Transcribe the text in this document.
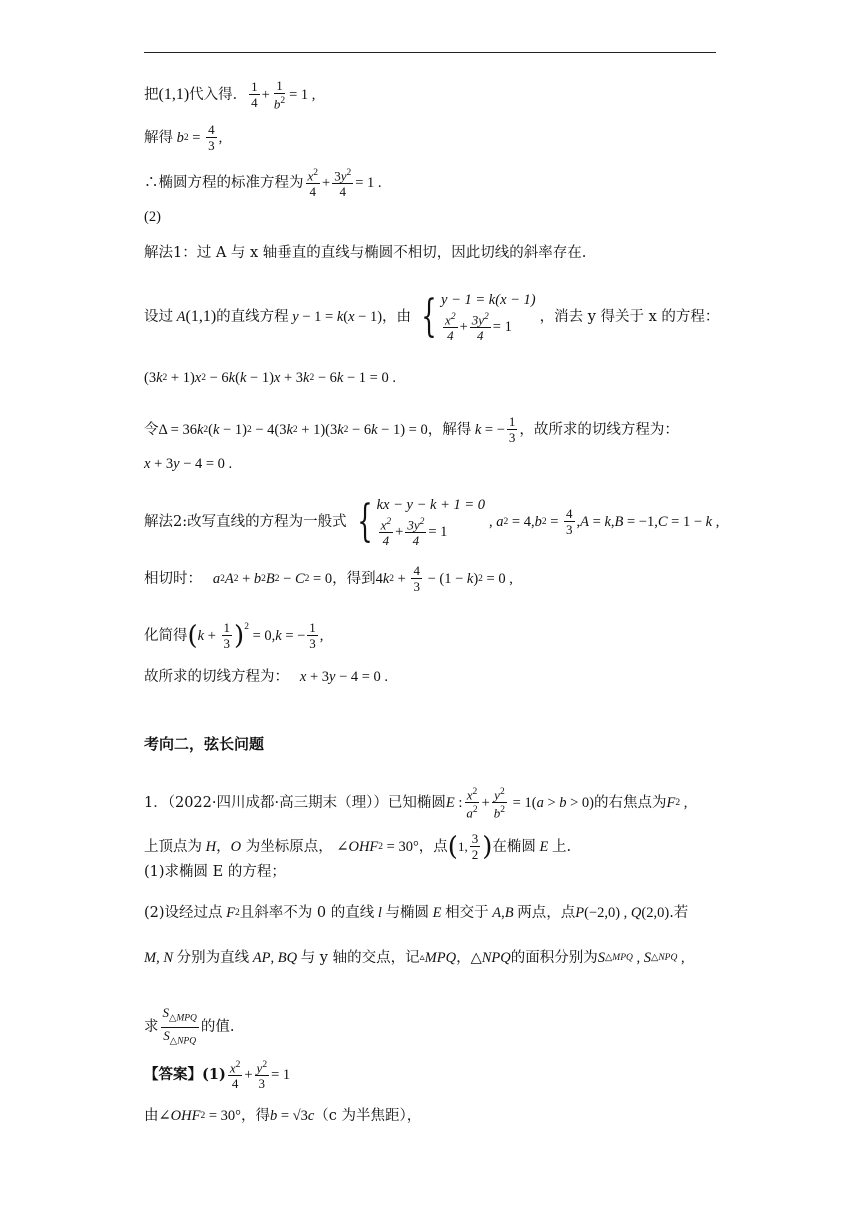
把 (1,1) 代入得． $\frac{1}{4} + \frac{1}{b^2} = 1$ ,
解得 b $2 = \frac{4}{3}$ ,
∴椭圆方程的标准方程为 $\frac{x^2}{4} + \frac{3y^2}{4} = 1$ .
(2)
解法1：过 A 与 x 轴垂直的直线与椭圆不相切，因此切线的斜率存在.
设过 A (1,1) 的直线方程 y − 1 = k ( x − 1) ，由 { y − 1 = k(x − 1)
$\frac{x^2}{4} + \frac{3y^2}{4} = 1$
，消去 y 得关于 x 的方程：
(3 k 2 + 1) x 2 − 6 k ( k − 1) x + 3 k 2 − 6 k − 1 = 0 .
令 Δ = 36 k 2 ( k − 1) 2 − 4(3 k 2 + 1)(3 k 2 − 6 k − 1) = 0 ，解得 k = − $\frac{1}{3}$ ，故所求的切线方程为：
x + 3 y − 4 = 0 .
解法2:改写直线的方程为一般式 { kx − y − k + 1 = 0
$\frac{x^2}{4} + \frac{3y^2}{4} = 1$
, a 2 = 4, b $2 = \frac{4}{3}$ , A = k , B = −1, C = 1 − k ,
相切时： a 2 A 2 + b 2 B 2 − C 2 = 0 ，得到 4 k $2 + \frac{4}{3} - (1 - k$ ) 2 = 0 ,
化简得 ( $k + \frac{1}{3} )^2$
= 0, k = − $\frac{1}{3}$ ,
故所求的切线方程为： x + 3 y − 4 = 0 .
考向二，弦长问题
1．（2022·四川成都·高三期末（理））已知椭圆 E : $\frac{x^2}{a^2} + \frac{y^2}{b^2} = 1$( a > b > 0) 的右焦点为 F 2 ,
上顶点为 H ， O
为坐标原点， ∠ OHF 2 = 30° ，点 ( 1, $\frac{3}{2}$ ) 在椭圆 E 上.
(1)求椭圆 E 的方程；
(2)设经过点 F 2 且斜率不为 0 的直线 l 与椭圆 E 相交于 A , B 两点，点 P (−2,0) , Q (2,0) .若
M , N 分别为直线 AP , BQ 与 y 轴的交点，记 ▵ MPQ ， △ NPQ 的面积分别为 S △MPQ , S △NPQ ,
求 $\frac{S_{\triangle MPQ}}{S_{\triangle NPQ}}$ 的值.
【答案】$(1) \frac{x^2}{4} + \frac{y^2}{3} = 1$
由 ∠ OHF 2 = 30° ，得 b = √3 c （c 为半焦距），
